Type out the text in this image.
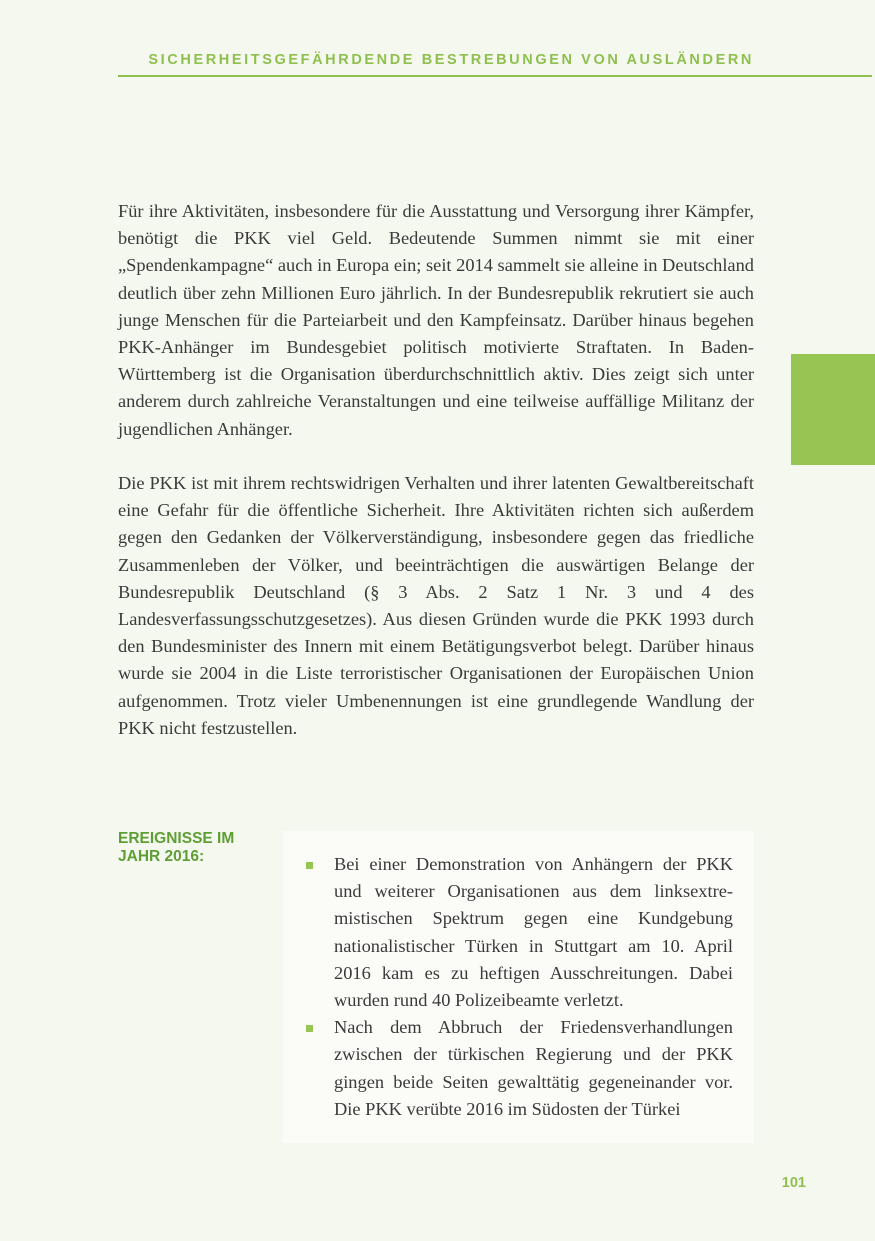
SICHERHEITSGEFÄHRDENDE BESTREBUNGEN VON AUSLÄNDERN

Für ihre Aktivitäten, insbesondere für die Ausstattung und Versorgung ihrer Kämpfer, benötigt die PKK viel Geld. Bedeutende Summen nimmt sie mit einer „Spendenkampagne“ auch in Europa ein; seit 2014 sammelt sie alleine in Deutschland deutlich über zehn Millionen Euro jährlich. In der Bundesrepublik rekrutiert sie auch junge Menschen für die Parteiarbeit und den Kampfeinsatz. Darüber hinaus begehen PKK-Anhänger im Bundesgebiet politisch motivierte Straftaten. In Baden-Württemberg ist die Organisation überdurchschnittlich aktiv. Dies zeigt sich unter anderem durch zahlreiche Veranstaltungen und eine teilweise auffällige Militanz der jugendlichen Anhänger.

Die PKK ist mit ihrem rechtswidrigen Verhalten und ihrer latenten Gewaltbereitschaft eine Gefahr für die öffentliche Sicherheit. Ihre Aktivitäten richten sich außerdem gegen den Gedanken der Völkerverständigung, insbesondere gegen das friedliche Zusammenleben der Völker, und beeinträchtigen die auswärtigen Belange der Bundesrepublik Deutschland (§ 3 Abs. 2 Satz 1 Nr. 3 und 4 des Landesverfassungsschutzgesetzes). Aus diesen Gründen wurde die PKK 1993 durch den Bundesminister des Innern mit einem Betätigungsverbot belegt. Darüber hinaus wurde sie 2004 in die Liste terroristischer Organisationen der Europäischen Union aufgenommen. Trotz vieler Umbenennungen ist eine grundlegende Wandlung der PKK nicht festzustellen.

EREIGNISSE IM JAHR 2016:	Bei einer Demonstration von Anhängern der PKK und weiterer Organisationen aus dem linksextremistischen Spektrum gegen eine Kundgebung nationalistischer Türken in Stuttgart am 10. April 2016 kam es zu heftigen Ausschreitungen. Dabei wurden rund 40 Polizeibeamte verletzt.
Nach dem Abbruch der Friedensverhandlungen zwischen der türkischen Regierung und der PKK gingen beide Seiten gewalttätig gegeneinander vor. Die PKK verübte 2016 im Südosten der Türkei
101
